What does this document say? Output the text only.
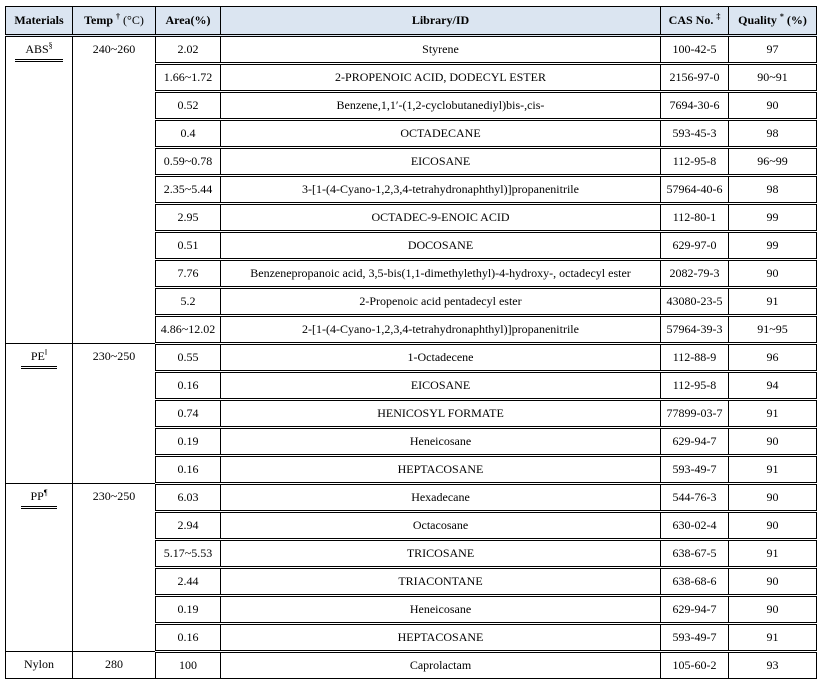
Materials	Temp † (°C)	Area(%)	Library/ID	CAS No. ‡	Quality * (%)
ABS§	240~260	2.02	Styrene	100-42-5	97
		1.66~1.72	2-PROPENOIC ACID, DODECYL ESTER	2156-97-0	90~91
		0.52	Benzene,1,1′-(1,2-cyclobutanediyl)bis-,cis-	7694-30-6	90
		0.4	OCTADECANE	593-45-3	98
		0.59~0.78	EICOSANE	112-95-8	96~99
		2.35~5.44	3-[1-(4-Cyano-1,2,3,4-tetrahydronaphthyl)]propanenitrile	57964-40-6	98
		2.95	OCTADEC-9-ENOIC ACID	112-80-1	99
		0.51	DOCOSANE	629-97-0	99
		7.76	Benzenepropanoic acid, 3,5-bis(1,1-dimethylethyl)-4-hydroxy-, octadecyl ester	2082-79-3	90
		5.2	2-Propenoic acid pentadecyl ester	43080-23-5	91
		4.86~12.02	2-[1-(4-Cyano-1,2,3,4-tetrahydronaphthyl)]propanenitrile	57964-39-3	91~95
PE‖	230~250	0.55	1-Octadecene	112-88-9	96
		0.16	EICOSANE	112-95-8	94
		0.74	HENICOSYL FORMATE	77899-03-7	91
		0.19	Heneicosane	629-94-7	90
		0.16	HEPTACOSANE	593-49-7	91
PP¶	230~250	6.03	Hexadecane	544-76-3	90
		2.94	Octacosane	630-02-4	90
		5.17~5.53	TRICOSANE	638-67-5	91
		2.44	TRIACONTANE	638-68-6	90
		0.19	Heneicosane	629-94-7	90
		0.16	HEPTACOSANE	593-49-7	91
Nylon	280	100	Caprolactam	105-60-2	93
